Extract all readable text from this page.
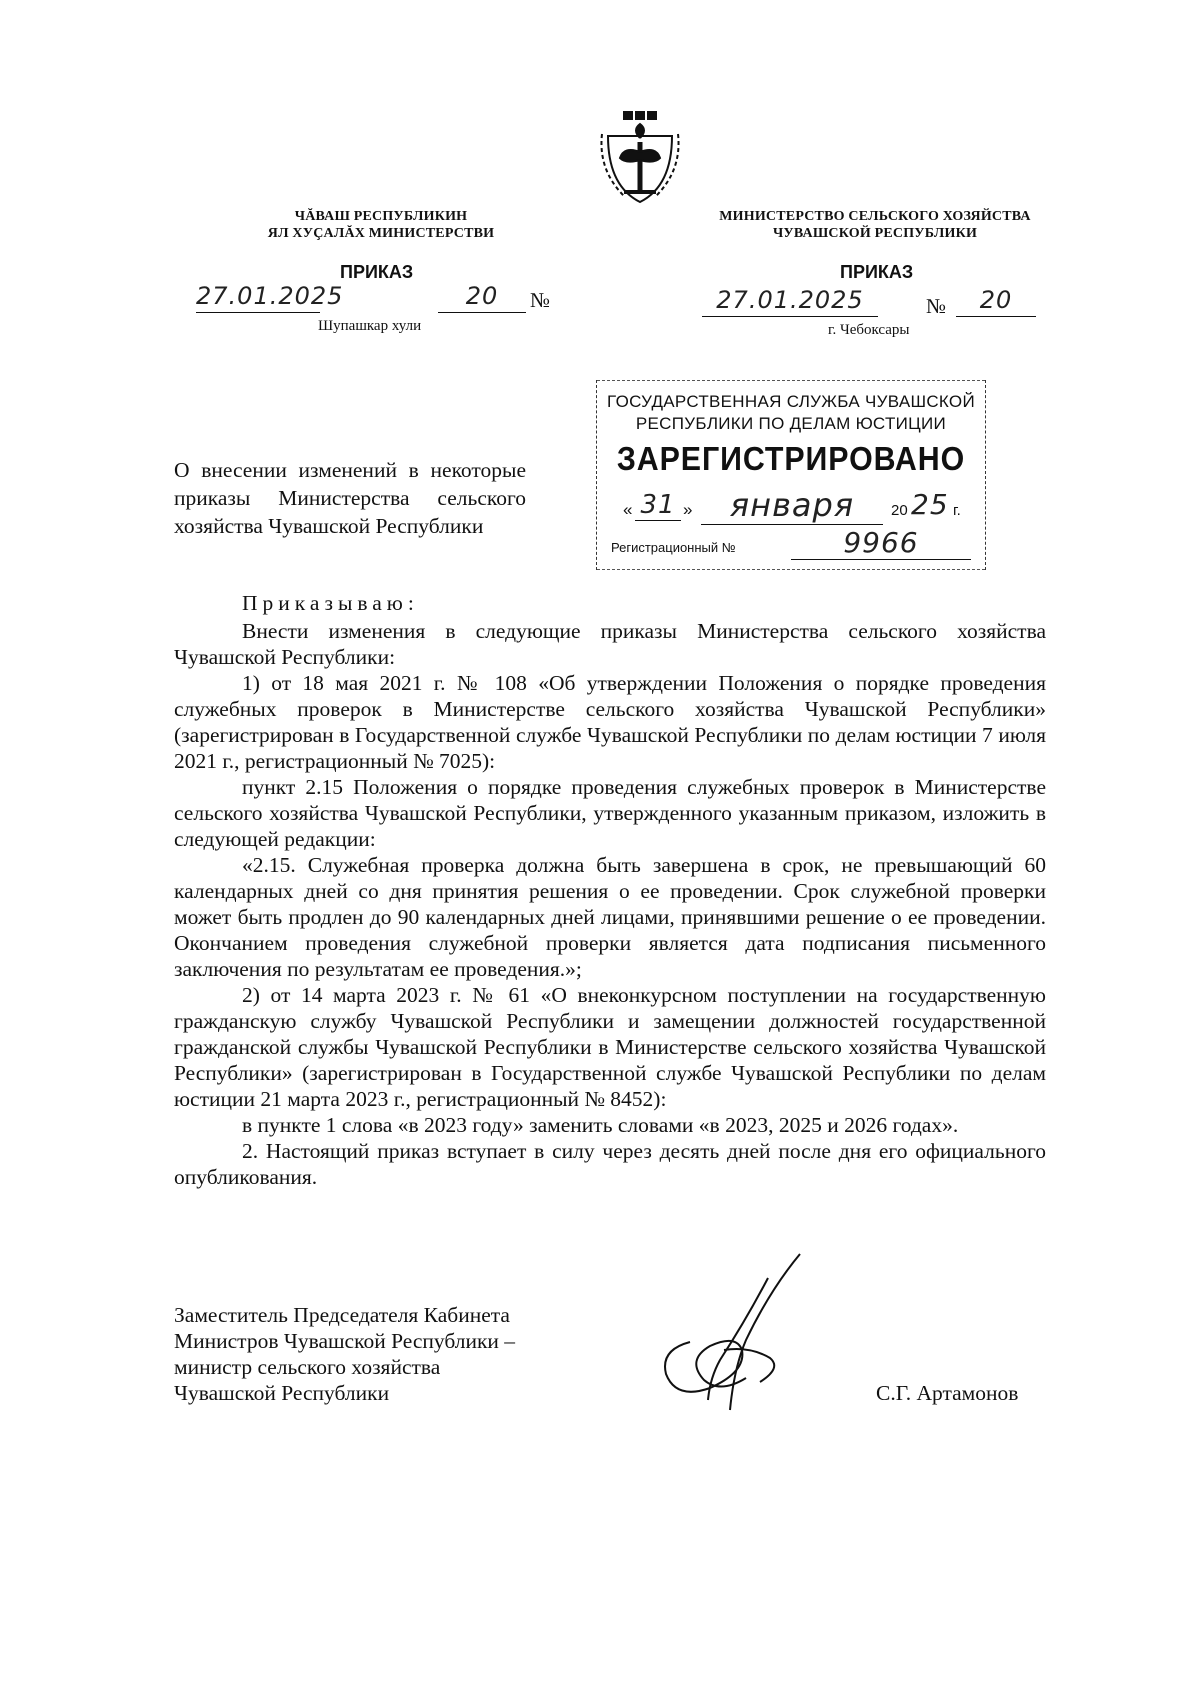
ЧĂВАШ РЕСПУБЛИКИН
ЯЛ ХУҪАЛĂХ МИНИСТЕРСТВИ
ПРИКАЗ
27.01.2025	20	№
Шупашкар хули
МИНИСТЕРСТВО СЕЛЬСКОГО ХОЗЯЙСТВА
ЧУВАШСКОЙ РЕСПУБЛИКИ
ПРИКАЗ
27.01.2025	№	20
г. Чебоксары
ГОСУДАРСТВЕННАЯ СЛУЖБА ЧУВАШСКОЙ
РЕСПУБЛИКИ ПО ДЕЛАМ ЮСТИЦИИ
ЗАРЕГИСТРИРОВАНО
« 31 »	января	20 25 г.
Регистрационный №	9966
О внесении изменений в некоторые приказы Министерства сельского хозяйства Чувашской Республики

Приказываю:

Внести изменения в следующие приказы Министерства сельского хозяйства Чувашской Республики:

1) от 18 мая 2021 г. № 108 «Об утверждении Положения о порядке проведения служебных проверок в Министерстве сельского хозяйства Чувашской Республики» (зарегистрирован в Государственной службе Чувашской Республики по делам юстиции 7 июля 2021 г., регистрационный № 7025):

пункт 2.15 Положения о порядке проведения служебных проверок в Министерстве сельского хозяйства Чувашской Республики, утвержденного указанным приказом, изложить в следующей редакции:

«2.15. Служебная проверка должна быть завершена в срок, не превышающий 60 календарных дней со дня принятия решения о ее проведении. Срок служебной проверки может быть продлен до 90 календарных дней лицами, принявшими решение о ее проведении. Окончанием проведения служебной проверки является дата подписания письменного заключения по результатам ее проведения.»;

2) от 14 марта 2023 г. № 61 «О внеконкурсном поступлении на государственную гражданскую службу Чувашской Республики и замещении должностей государственной гражданской службы Чувашской Республики в Министерстве сельского хозяйства Чувашской Республики» (зарегистрирован в Государственной службе Чувашской Республики по делам юстиции 21 марта 2023 г., регистрационный № 8452):

в пункте 1 слова «в 2023 году» заменить словами «в 2023, 2025 и 2026 годах».

2. Настоящий приказ вступает в силу через десять дней после дня его официального опубликования.

Заместитель Председателя Кабинета
Министров Чувашской Республики –
министр сельского хозяйства
Чувашской Республики	С.Г. Артамонов
